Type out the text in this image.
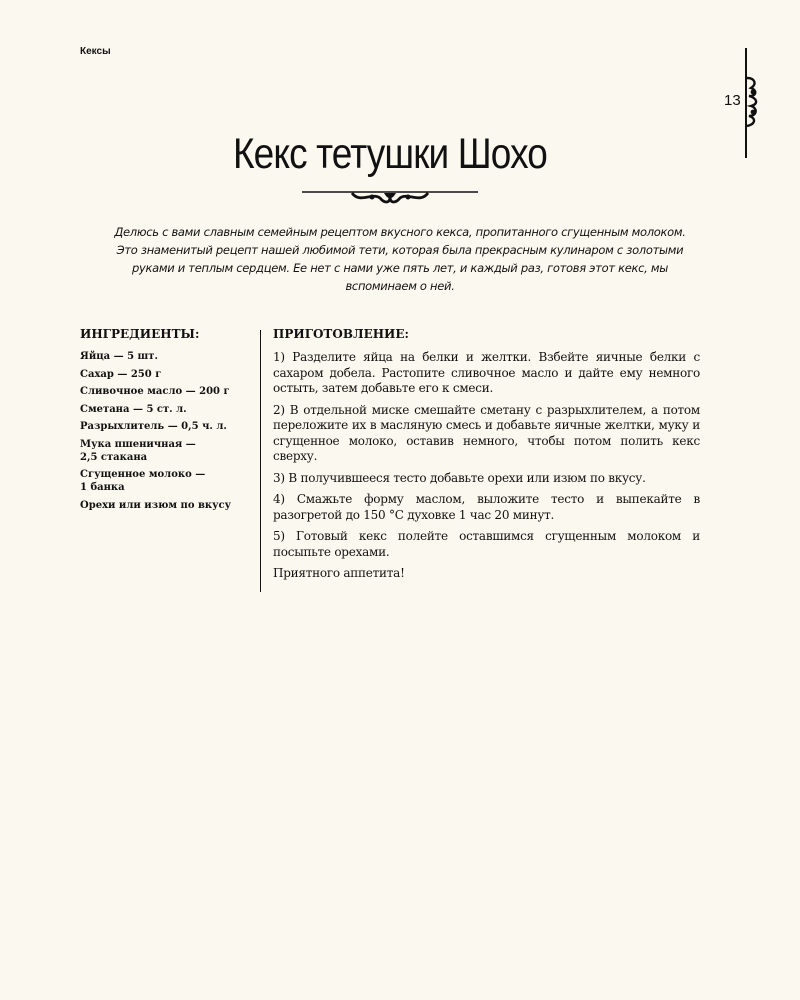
Кексы
13
Кекс тетушки Шохо

Делюсь с вами славным семейным рецептом вкусного кекса, пропитанного сгущенным молоком. Это знаменитый рецепт нашей любимой тети, которая была прекрасным кулинаром с золотыми руками и теплым сердцем. Ее нет с нами уже пять лет, и каждый раз, готовя этот кекс, мы вспоминаем о ней.

ИНГРЕДИЕНТЫ:
Яйца — 5 шт.
Сахар — 250 г
Сливочное масло — 200 г
Сметана — 5 ст. л.
Разрыхлитель — 0,5 ч. л.
Мука пшеничная — 2,5 стакана
Сгущенное молоко — 1 банка
Орехи или изюм по вкусу
ПРИГОТОВЛЕНИЕ:

1) Разделите яйца на белки и желтки. Взбейте яичные белки с сахаром добела. Растопите сливочное масло и дайте ему немного остыть, затем добавьте его к смеси.

2) В отдельной миске смешайте сметану с разрыхлителем, а потом переложите их в масляную смесь и добавьте яичные желтки, муку и сгущенное молоко, оставив немного, чтобы потом полить кекс сверху.

3) В получившееся тесто добавьте орехи или изюм по вкусу.

4) Смажьте форму маслом, выложите тесто и выпекайте в разогретой до 150 °С духовке 1 час 20 минут.

5) Готовый кекс полейте оставшимся сгущенным молоком и посыпьте орехами.

Приятного аппетита!
